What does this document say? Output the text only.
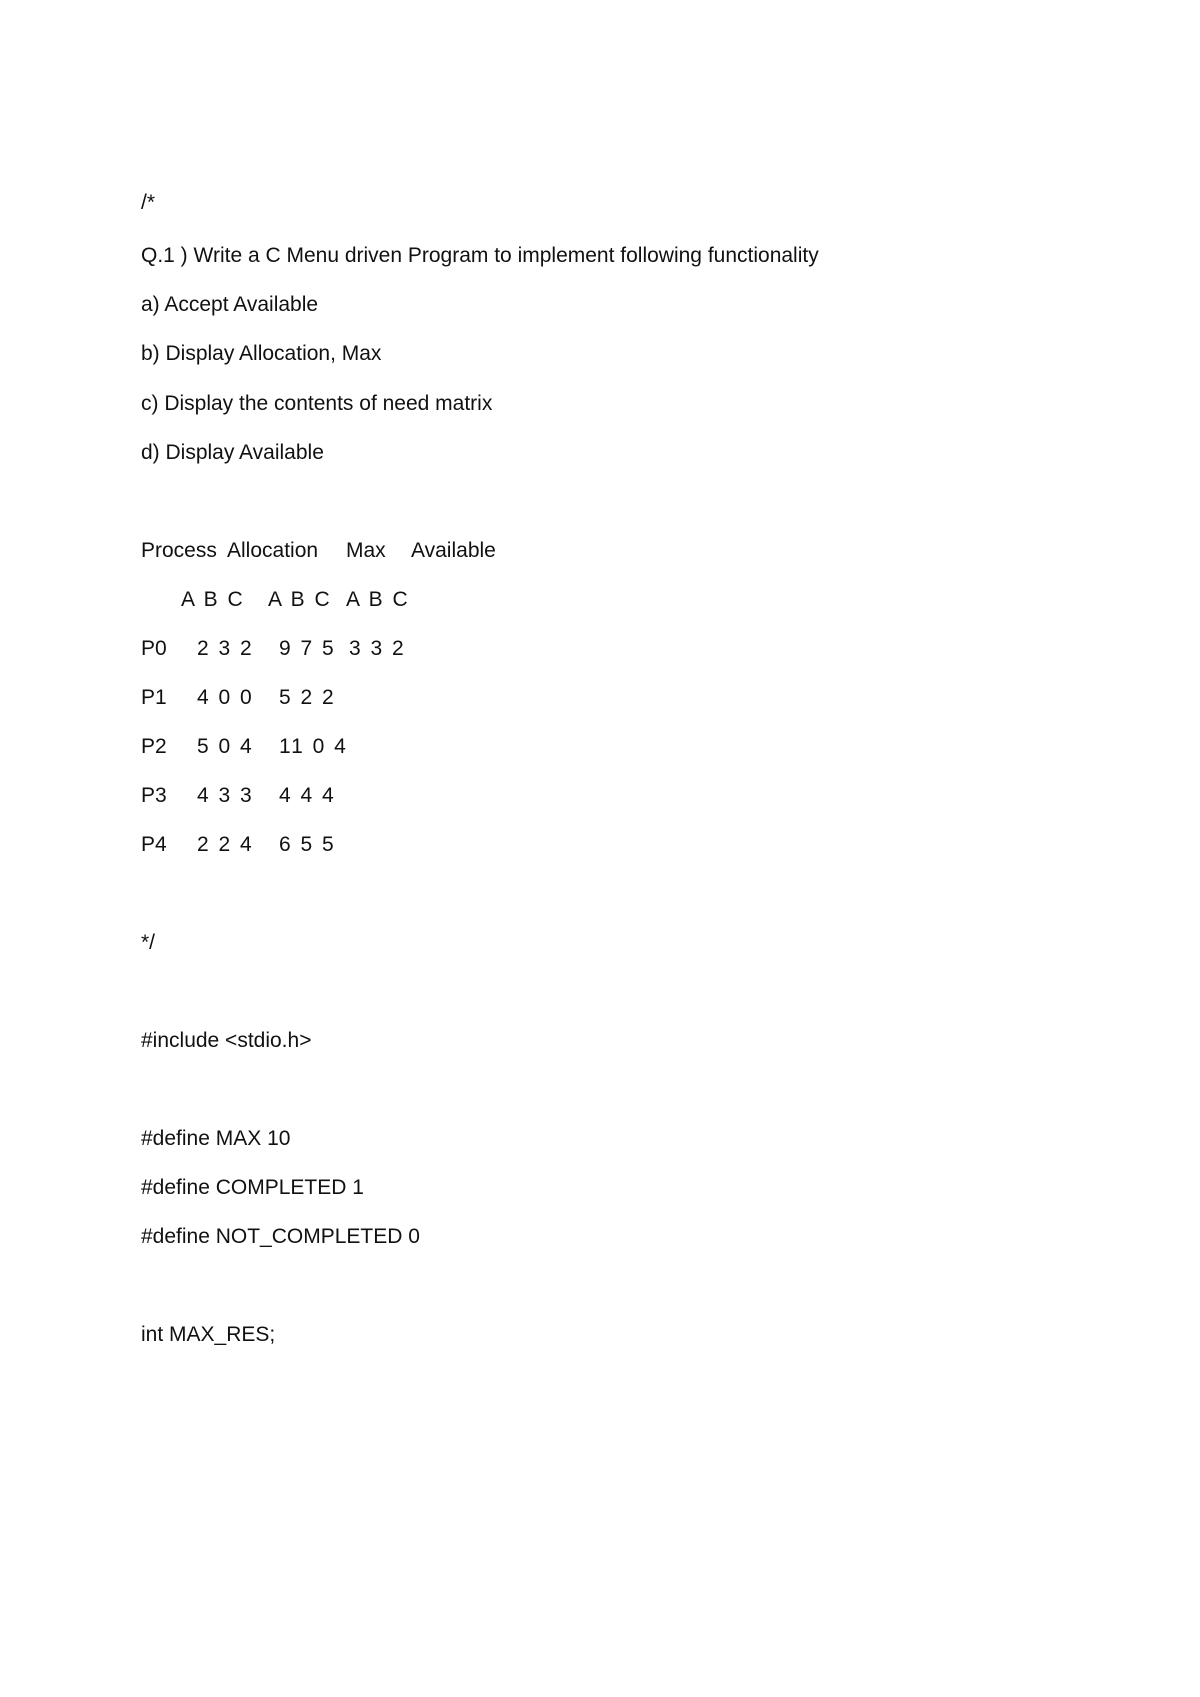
/*
Q.1 ) Write a C Menu driven Program to implement following functionality
a) Accept Available
b) Display Allocation, Max
c) Display the contents of need matrix
d) Display Available
Process Allocation Max Available
A B C A B C A B C
P0 2 3 2 9 7 5 3 3 2
P1 4 0 0 5 2 2
P2 5 0 4 11 0 4
P3 4 3 3 4 4 4
P4 2 2 4 6 5 5
*/
#include <stdio.h>
#define MAX 10
#define COMPLETED 1
#define NOT_COMPLETED 0
int MAX_RES;
